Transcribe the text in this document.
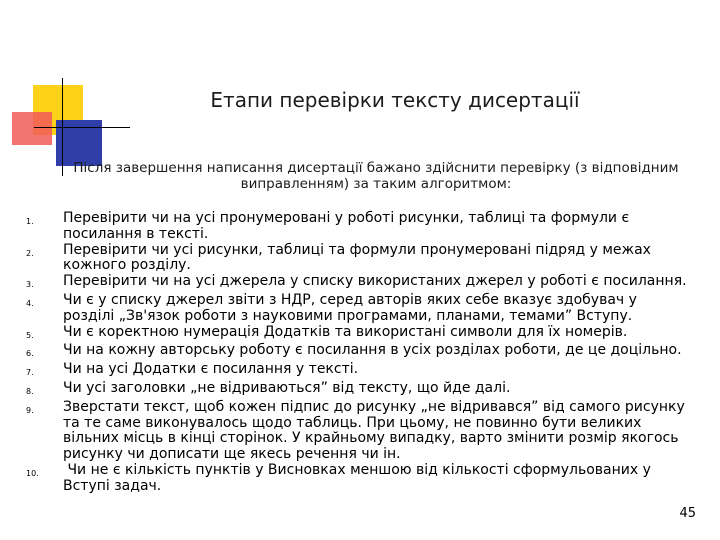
Етапи перевірки тексту дисертації
Після завершення написання дисертації бажано здійснити перевірку (з відповідним виправленням) за таким алгоритмом:
1.	Перевірити чи на усі пронумеровані у роботі рисунки, таблиці та формули є
посилання в тексті.
2.	Перевірити чи усі рисунки, таблиці та формули пронумеровані підряд у межах
кожного розділу.
3.	Перевірити чи на усі джерела у списку використаних джерел у роботі є посилання.
4.	Чи є у списку джерел звіти з НДР, серед авторів яких себе вказує здобувач у
розділі „Зв'язок роботи з науковими програмами, планами, темами” Вступу.
5.	Чи є коректною нумерація Додатків та використані символи для їх номерів.
6.	Чи на кожну авторську роботу є посилання в усіх розділах роботи, де це доцільно.
7.	Чи на усі Додатки є посилання у тексті.
8.	Чи усі заголовки „не відриваються” від тексту, що йде далі.
9.	Зверстати текст, щоб кожен підпис до рисунку „не відривався” від самого рисунку
та те саме виконувалось щодо таблиць. При цьому, не повинно бути великих
вільних місць в кінці сторінок. У крайньому випадку, варто змінити розмір якогось
рисунку чи дописати ще якесь речення чи ін.
10.	Чи не є кількість пунктів у Висновках меншою від кількості сформульованих у
Вступі задач.
45
